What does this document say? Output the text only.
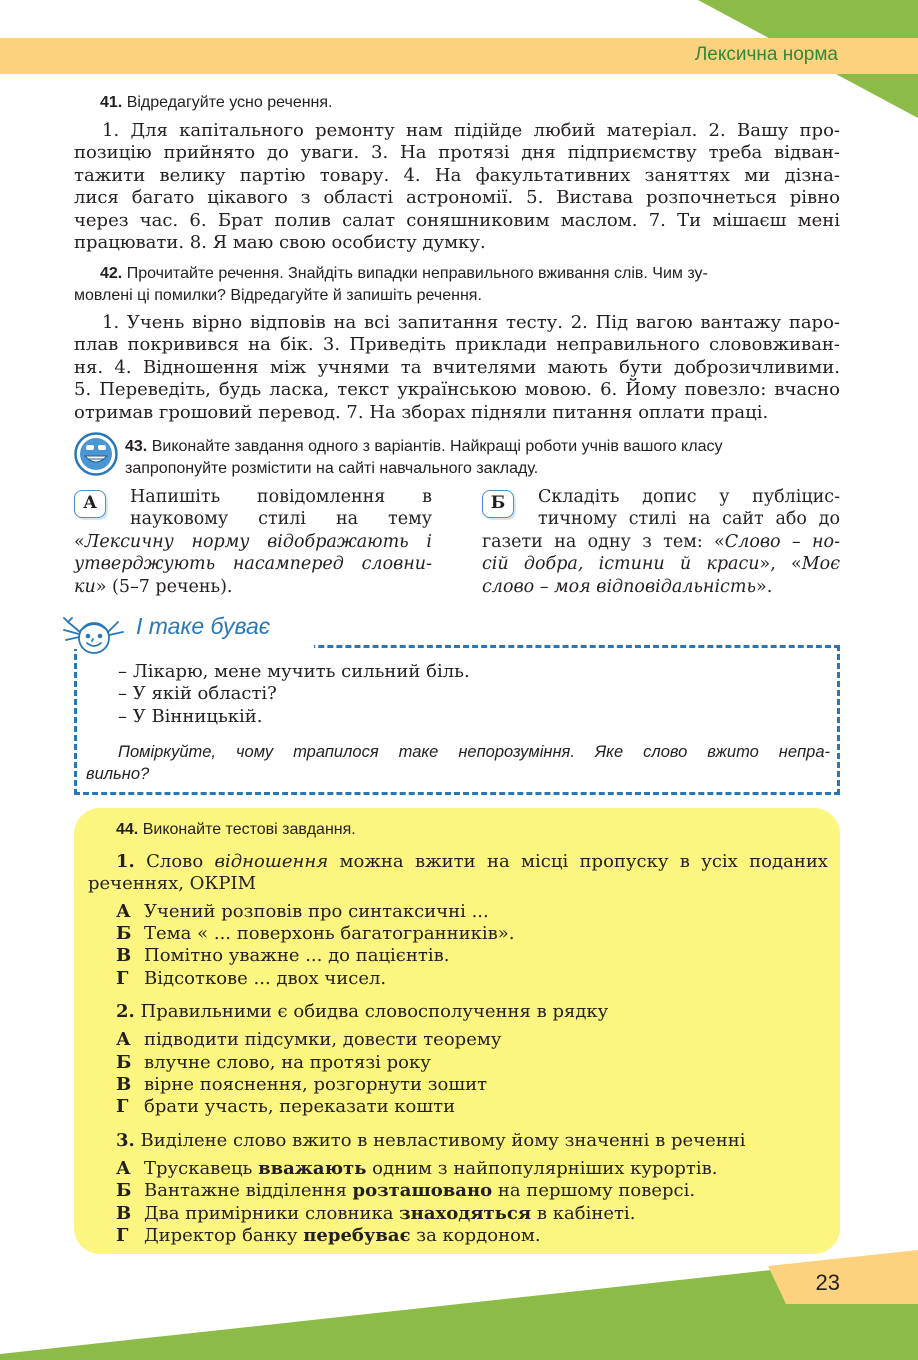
Лексична норма
41. Відредагуйте усно речення.
1. Для капітального ремонту нам підійде любий матеріал. 2. Вашу про-
позицію прийнято до уваги. 3. На протязі дня підприємству треба відван-
тажити велику партію товару. 4. На факультативних заняттях ми дізна-
лися багато цікавого з області астрономії. 5. Вистава розпочнеться рівно
через час. 6. Брат полив салат соняшниковим маслом. 7. Ти мішаєш мені
працювати. 8. Я маю свою особисту думку.
42. Прочитайте речення. Знайдіть випадки неправильного вживання слів. Чим зу-
мовлені ці помилки? Відредагуйте й запишіть речення.
1. Учень вірно відповів на всі запитання тесту. 2. Під вагою вантажу паро-
плав покривився на бік. 3. Приведіть приклади неправильного слововживан-
ня. 4. Відношення між учнями та вчителями мають бути доброзичливими.
5. Переведіть, будь ласка, текст українською мовою. 6. Йому повезло: вчасно
отримав грошовий перевод. 7. На зборах підняли питання оплати праці.
43. Виконайте завдання одного з варіантів. Найкращі роботи учнів вашого класу
запропонуйте розмістити на сайті навчального закладу.
А	Напишіть повідомлення в
науковому стилі на тему
«Лексичну норму відображають і
утверджують насамперед словни-
ки» (5–7 речень).
Б	Складіть допис у публіцис-
тичному стилі на сайт або до
газети на одну з тем: «Слово – но-
сій добра, істини й краси», «Моє
слово – моя відповідальність».
І таке буває
– Лікарю, мене мучить сильний біль.
– У якій області?
– У Вінницькій.
Поміркуйте, чому трапилося таке непорозуміння. Яке слово вжито непра-
вильно?
44. Виконайте тестові завдання.
1. Слово відношення можна вжити на місці пропуску в усіх поданих
реченнях, ОКРІМ
А Учений розповів про синтаксичні ...
Б Тема « ... поверхонь багатогранників».
В Помітно уважне ... до пацієнтів.
Г Відсоткове ... двох чисел.
2. Правильними є обидва словосполучення в рядку
А підводити підсумки, довести теорему
Б влучне слово, на протязі року
В вірне пояснення, розгорнути зошит
Г брати участь, переказати кошти
3. Виділене слово вжито в невластивому йому значенні в реченні
А Трускавець вважають одним з найпопулярніших курортів.
Б Вантажне відділення розташовано на першому поверсі.
В Два примірники словника знаходяться в кабінеті.
Г Директор банку перебуває за кордоном.
23
